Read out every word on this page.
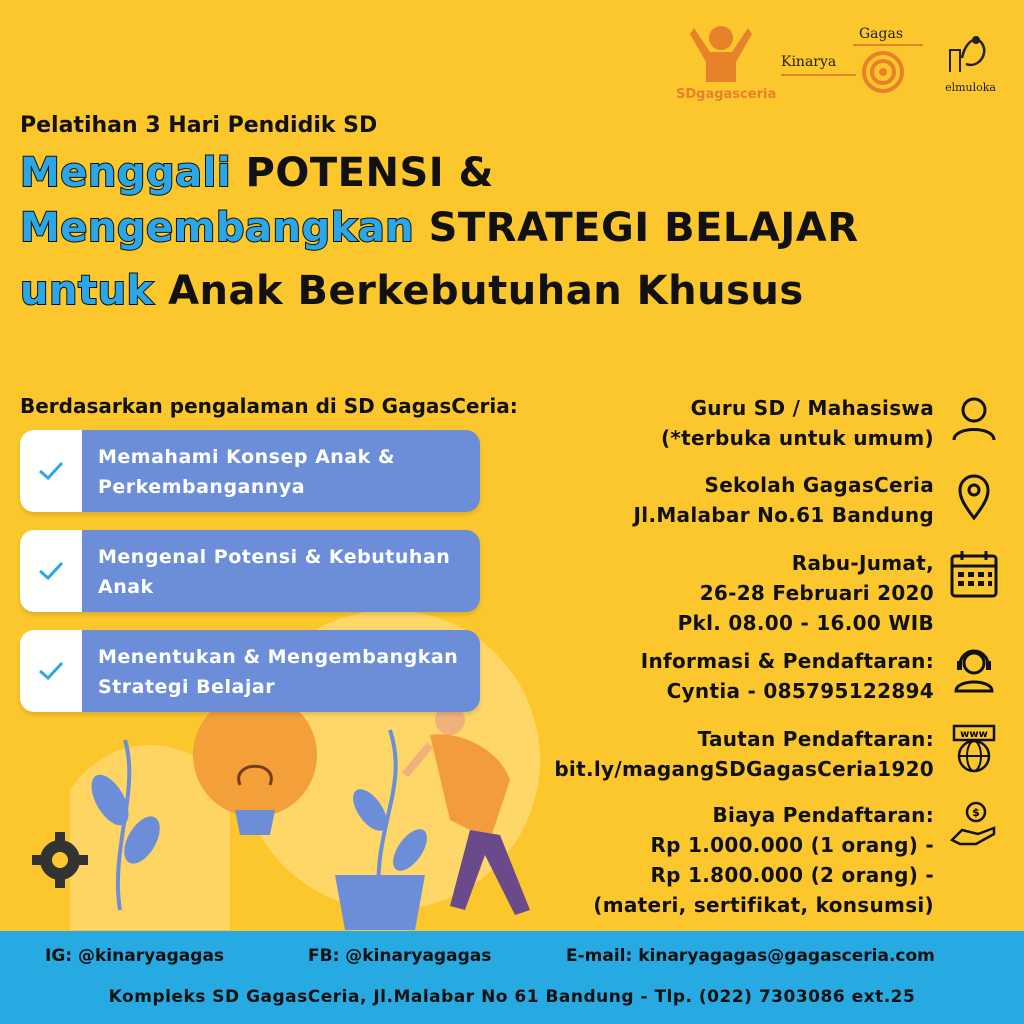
SDgagasceria
Gagas
Kinarya
elmuloka
Pelatihan 3 Hari Pendidik SD
Menggali POTENSI &
Mengembangkan STRATEGI BELAJAR
untuk Anak Berkebutuhan Khusus
Berdasarkan pengalaman di SD GagasCeria:
Memahami Konsep Anak &
Perkembangannya
Mengenal Potensi & Kebutuhan
Anak
Menentukan & Mengembangkan
Strategi Belajar
Guru SD / Mahasiswa
(*terbuka untuk umum)
Sekolah GagasCeria
Jl.Malabar No.61 Bandung
Rabu-Jumat,
26-28 Februari 2020
Pkl. 08.00 - 16.00 WIB
Informasi & Pendaftaran:
Cyntia - 085795122894
Tautan Pendaftaran:
bit.ly/magangSDGagasCeria1920
www
Biaya Pendaftaran:
Rp 1.000.000 (1 orang) -
Rp 1.800.000 (2 orang) -
(materi, sertifikat, konsumsi)
$
IG: @kinaryagagas	FB: @kinaryagagas	E-mail: kinaryagagas@gagasceria.com
Kompleks SD GagasCeria, Jl.Malabar No 61 Bandung - Tlp. (022) 7303086 ext.25
